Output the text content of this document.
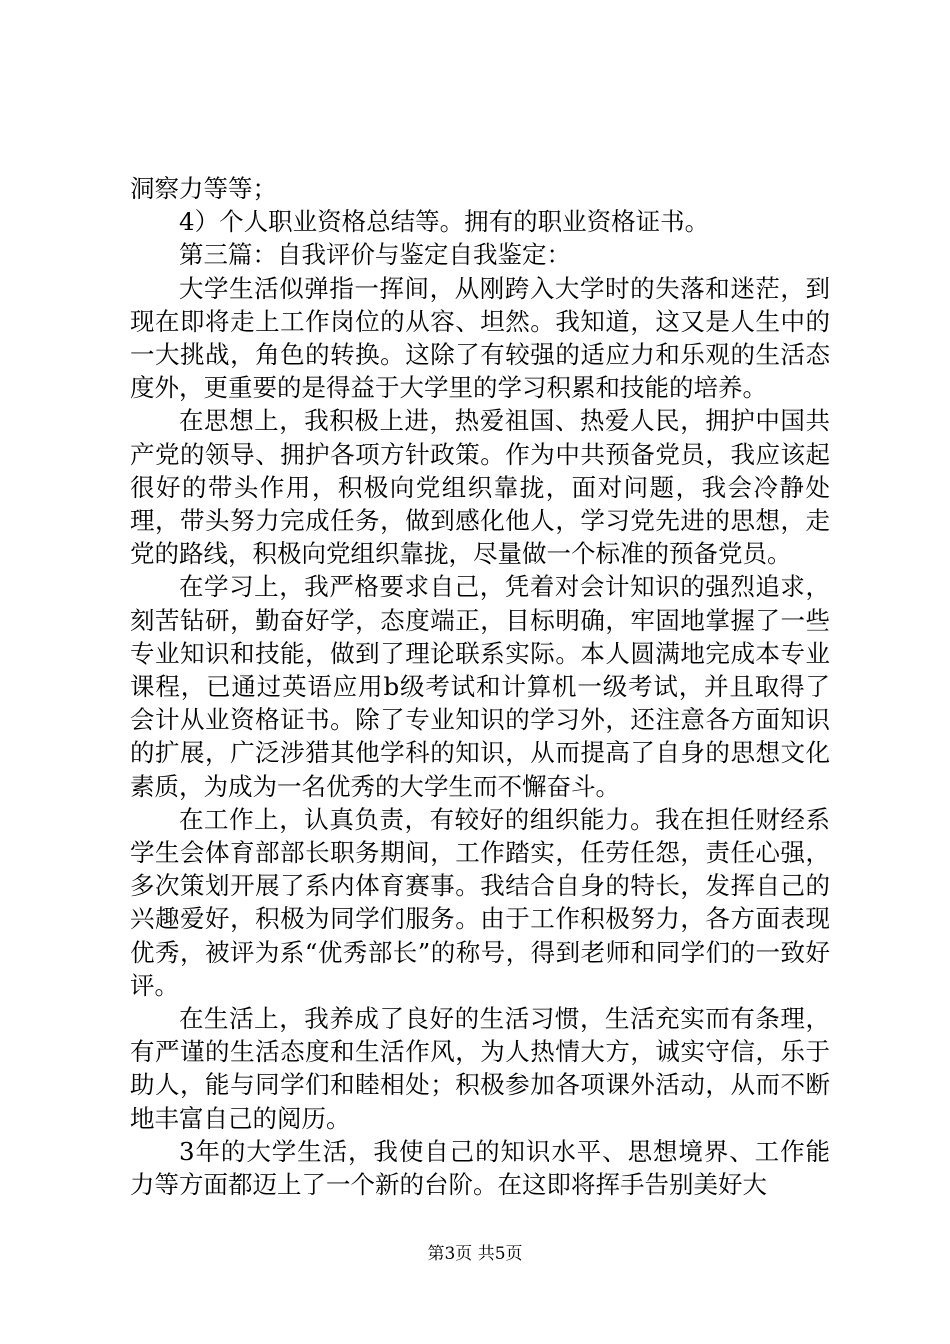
洞察力等等；

4）个人职业资格总结等。拥有的职业资格证书。

第三篇：自我评价与鉴定自我鉴定：

大学生活似弹指一挥间，从刚跨入大学时的失落和迷茫，到现在即将走上工作岗位的从容、坦然。我知道，这又是人生中的一大挑战，角色的转换。这除了有较强的适应力和乐观的生活态度外，更重要的是得益于大学里的学习积累和技能的培养。

在思想上，我积极上进，热爱祖国、热爱人民，拥护中国共产党的领导、拥护各项方针政策。作为中共预备党员，我应该起很好的带头作用，积极向党组织靠拢，面对问题，我会冷静处理，带头努力完成任务，做到感化他人，学习党先进的思想，走党的路线，积极向党组织靠拢，尽量做一个标准的预备党员。

在学习上，我严格要求自己，凭着对会计知识的强烈追求，刻苦钻研，勤奋好学，态度端正，目标明确，牢固地掌握了一些专业知识和技能，做到了理论联系实际。本人圆满地完成本专业课程，已通过英语应用b级考试和计算机一级考试，并且取得了会计从业资格证书。除了专业知识的学习外，还注意各方面知识的扩展，广泛涉猎其他学科的知识，从而提高了自身的思想文化素质，为成为一名优秀的大学生而不懈奋斗。

在工作上，认真负责，有较好的组织能力。我在担任财经系学生会体育部部长职务期间，工作踏实，任劳任怨，责任心强，多次策划开展了系内体育赛事。我结合自身的特长，发挥自己的兴趣爱好，积极为同学们服务。由于工作积极努力，各方面表现优秀，被评为系“优秀部长”的称号，得到老师和同学们的一致好评。

在生活上，我养成了良好的生活习惯，生活充实而有条理，有严谨的生活态度和生活作风，为人热情大方，诚实守信，乐于助人，能与同学们和睦相处；积极参加各项课外活动，从而不断地丰富自己的阅历。

3年的大学生活，我使自己的知识水平、思想境界、工作能力等方面都迈上了一个新的台阶。在这即将挥手告别美好大

第3页 共5页
